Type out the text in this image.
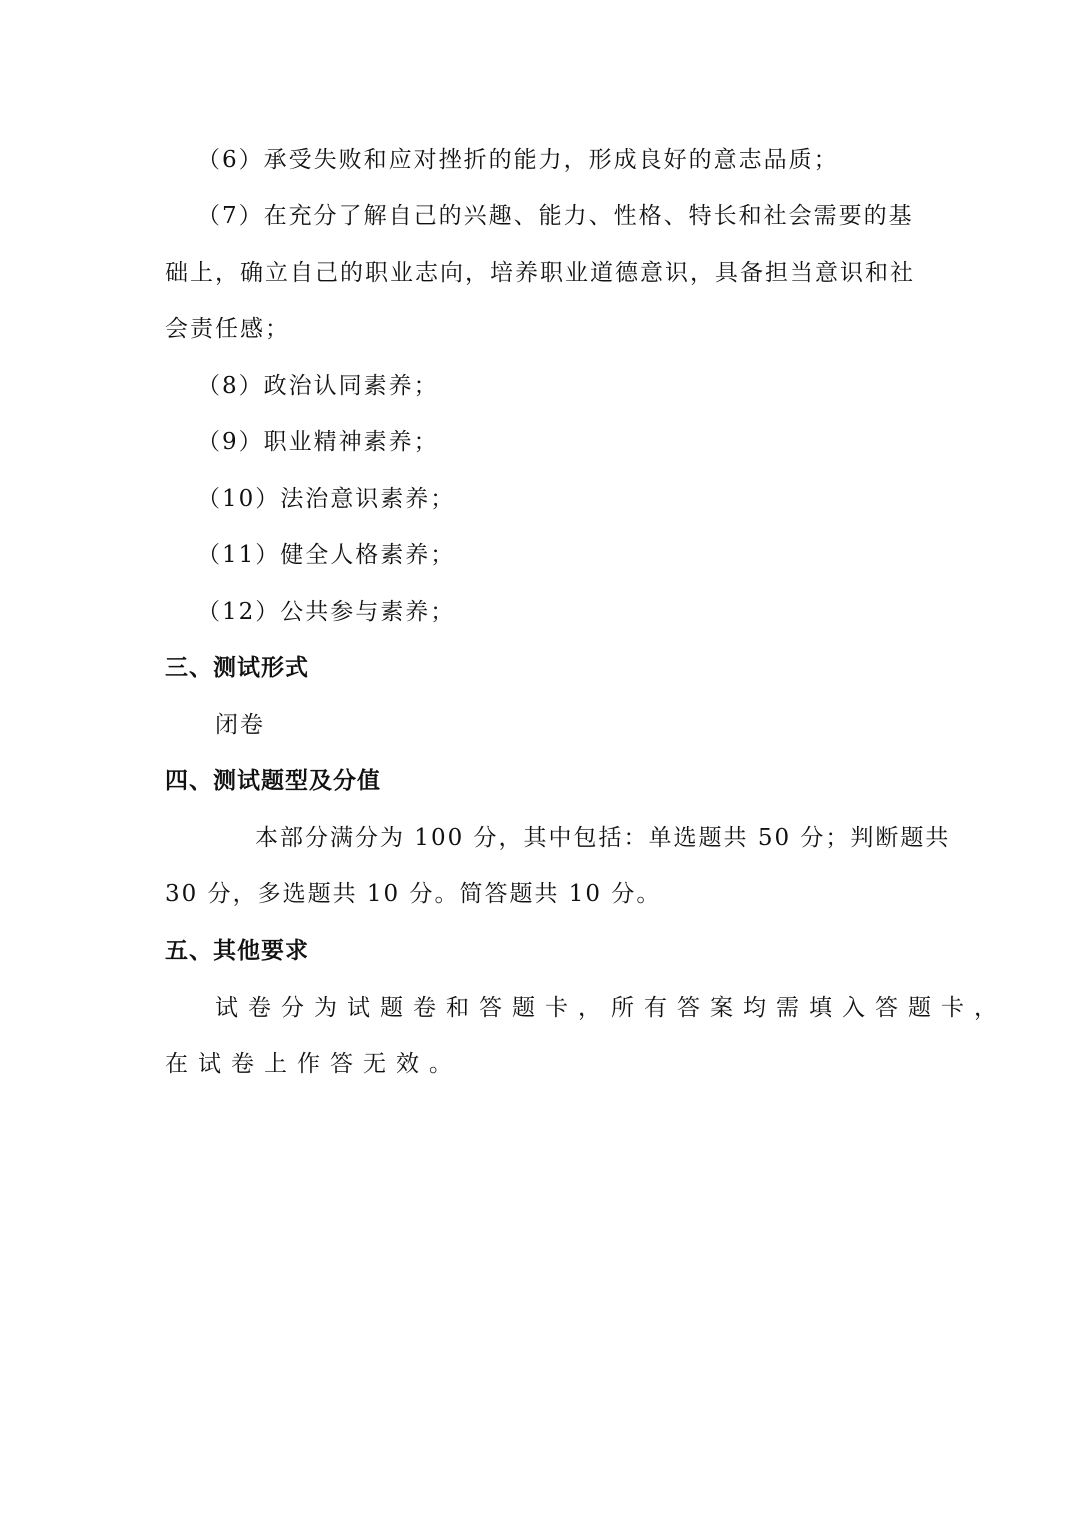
（6）承受失败和应对挫折的能力，形成良好的意志品质；
（7）在充分了解自己的兴趣、能力、性格、特长和社会需要的基
础上，确立自己的职业志向，培养职业道德意识，具备担当意识和社
会责任感；
（8）政治认同素养；
（9）职业精神素养；
（10）法治意识素养；
（11）健全人格素养；
（12）公共参与素养；
三、测试形式
闭卷
四、测试题型及分值
本部分满分为 100 分，其中包括：单选题共 50 分；判断题共
30 分，多选题共 10 分。简答题共 10 分。
五、其他要求
试卷分为试题卷和答题卡，所有答案均需填入答题卡，
在试卷上作答无效。
